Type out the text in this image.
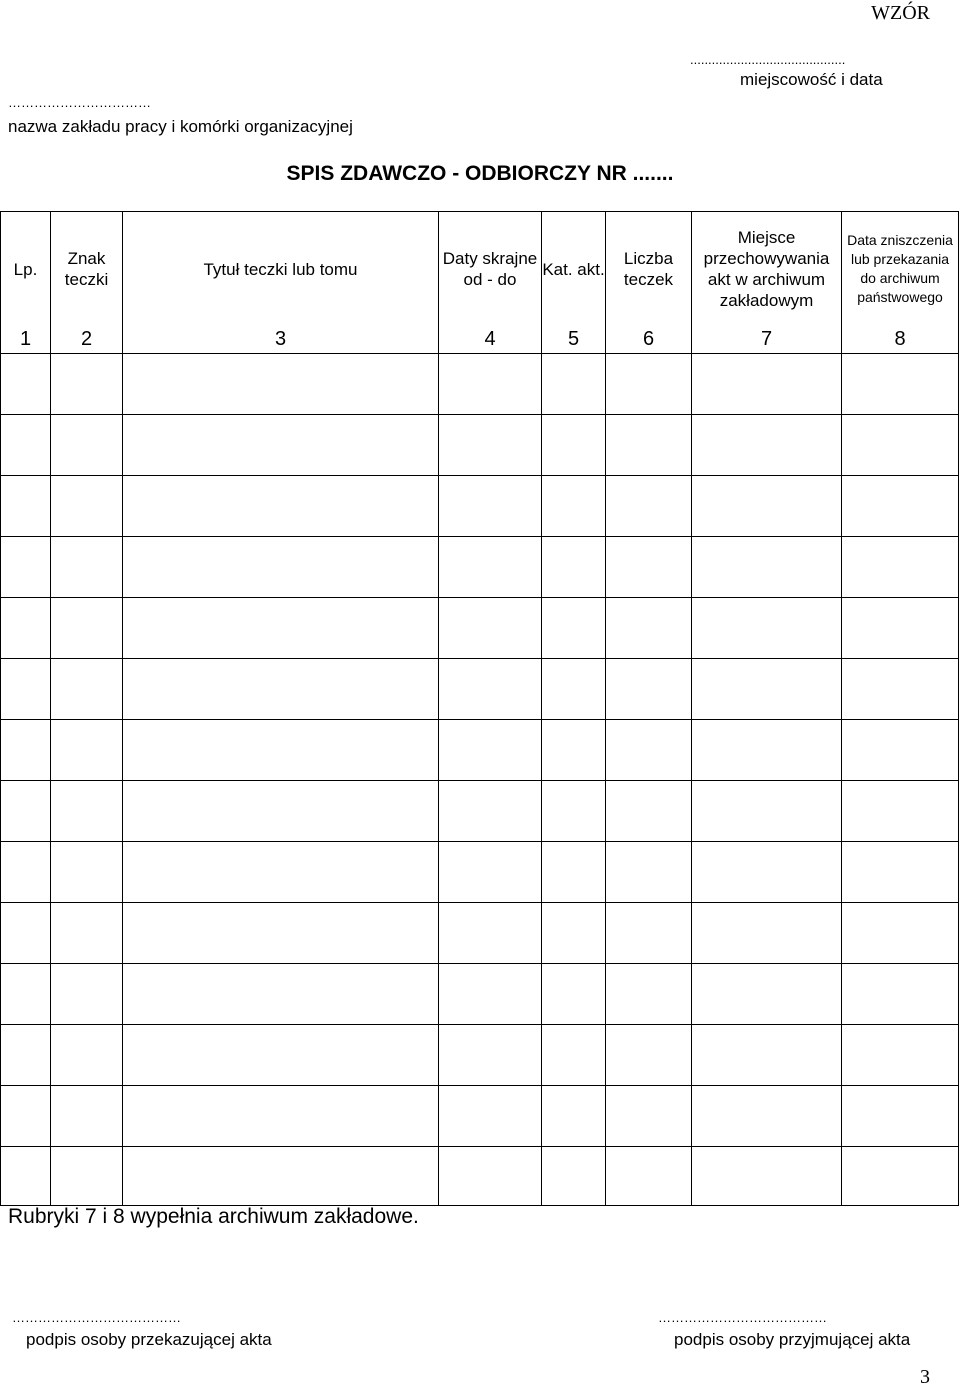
WZÓR
...........................................
miejscowość i data
……………………………
nazwa zakładu pracy i komórki organizacyjnej
SPIS ZDAWCZO - ODBIORCZY NR .......
Lp.	Znak teczki	Tytuł teczki lub tomu	Daty skrajne od - do	Kat. akt.	Liczba teczek	Miejsce przechowywania akt w archiwum zakładowym	Data zniszczenia lub przekazania do archiwum państwowego
1	2	3	4	5	6	7	8

Rubryki 7 i 8 wypełnia archiwum zakładowe.
…………………………………
podpis osoby przekazującej akta
…………………………………
podpis osoby przyjmującej akta
3
